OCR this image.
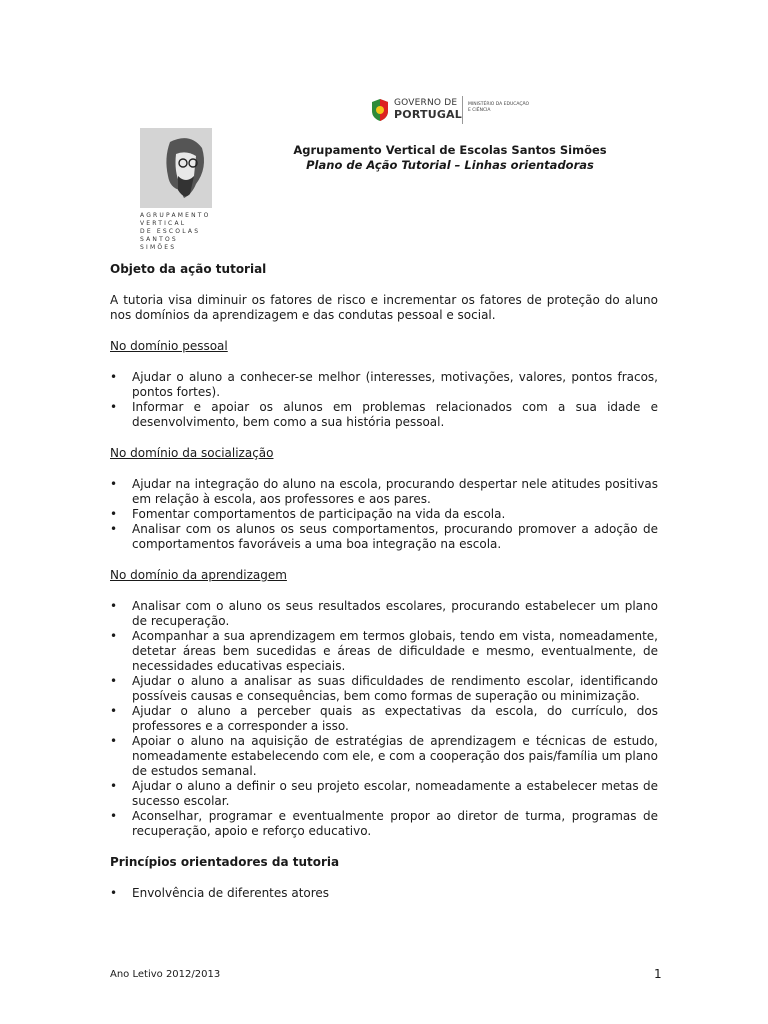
GOVERNO DE
PORTUGAL
MINISTÉRIO DA EDUCAÇÃO
E CIÊNCIA
AGRUPAMENTO
VERTICAL
DE ESCOLAS
SANTOS
SIMÕES
Agrupamento Vertical de Escolas Santos Simões
Plano de Ação Tutorial – Linhas orientadoras
Objeto da ação tutorial
A tutoria visa diminuir os fatores de risco e incrementar os fatores de proteção do aluno nos domínios da aprendizagem e das condutas pessoal e social.
No domínio pessoal
• Ajudar o aluno a conhecer-se melhor (interesses, motivações, valores, pontos fracos, pontos fortes).
• Informar e apoiar os alunos em problemas relacionados com a sua idade e desenvolvimento, bem como a sua história pessoal.
No domínio da socialização
• Ajudar na integração do aluno na escola, procurando despertar nele atitudes positivas em relação à escola, aos professores e aos pares.
• Fomentar comportamentos de participação na vida da escola.
• Analisar com os alunos os seus comportamentos, procurando promover a adoção de comportamentos favoráveis a uma boa integração na escola.
No domínio da aprendizagem
• Analisar com o aluno os seus resultados escolares, procurando estabelecer um plano de recuperação.
• Acompanhar a sua aprendizagem em termos globais, tendo em vista, nomeadamente, detetar áreas bem sucedidas e áreas de dificuldade e mesmo, eventualmente, de necessidades educativas especiais.
• Ajudar o aluno a analisar as suas dificuldades de rendimento escolar, identificando possíveis causas e consequências, bem como formas de superação ou minimização.
• Ajudar o aluno a perceber quais as expectativas da escola, do currículo, dos professores e a corresponder a isso.
• Apoiar o aluno na aquisição de estratégias de aprendizagem e técnicas de estudo, nomeadamente estabelecendo com ele, e com a cooperação dos pais/família um plano de estudos semanal.
• Ajudar o aluno a definir o seu projeto escolar, nomeadamente a estabelecer metas de sucesso escolar.
• Aconselhar, programar e eventualmente propor ao diretor de turma, programas de recuperação, apoio e reforço educativo.
Princípios orientadores da tutoria
• Envolvência de diferentes atores
Ano Letivo 2012/2013	1
